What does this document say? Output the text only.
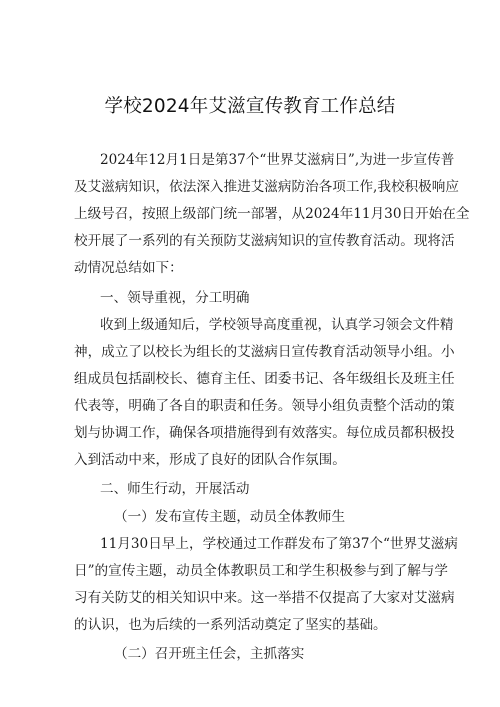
学校2024年艾滋宣传教育工作总结
2024年12月1日是第37个“世界艾滋病日”,为进一步宣传普
及艾滋病知识，依法深入推进艾滋病防治各项工作,我校积极响应
上级号召，按照上级部门统一部署，从2024年11月30日开始在全
校开展了一系列的有关预防艾滋病知识的宣传教育活动。现将活
动情况总结如下：
一、领导重视，分工明确
收到上级通知后，学校领导高度重视，认真学习领会文件精
神，成立了以校长为组长的艾滋病日宣传教育活动领导小组。小
组成员包括副校长、德育主任、团委书记、各年级组长及班主任
代表等，明确了各自的职责和任务。领导小组负责整个活动的策
划与协调工作，确保各项措施得到有效落实。每位成员都积极投
入到活动中来，形成了良好的团队合作氛围。
二、师生行动，开展活动
（一）发布宣传主题，动员全体教师生
11月30日早上，学校通过工作群发布了第37个“世界艾滋病
日”的宣传主题，动员全体教职员工和学生积极参与到了解与学
习有关防艾的相关知识中来。这一举措不仅提高了大家对艾滋病
的认识，也为后续的一系列活动奠定了坚实的基础。
（二）召开班主任会，主抓落实
